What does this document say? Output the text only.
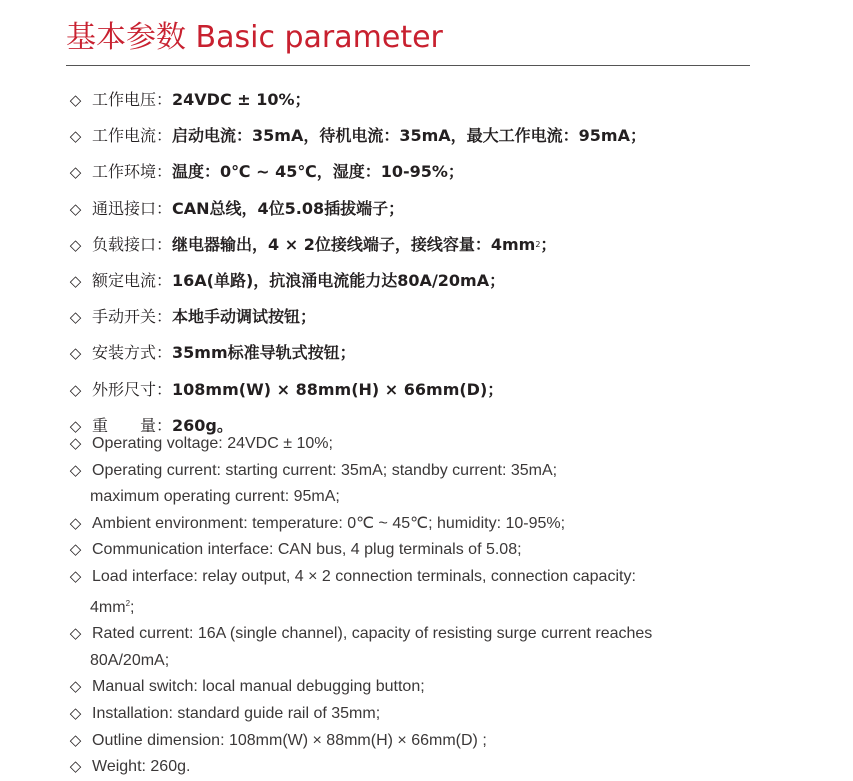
基本参数 Basic parameter
◇ 工作电压： 24VDC ± 10%；
◇ 工作电流： 启动电流：35mA，待机电流：35mA，最大工作电流：95mA；
◇ 工作环境： 温度：0℃ ~ 45℃，湿度：10-95%；
◇ 通迅接口： CAN总线，4位5.08插拔端子；
◇ 负载接口： 继电器输出，4 × 2位接线端子，接线容量：4mm 2 ；
◇ 额定电流： 16A(单路)，抗浪涌电流能力达80A/20mA；
◇ 手动开关： 本地手动调试按钮；
◇ 安装方式： 35mm标准导轨式按钮；
◇ 外形尺寸： 108mm(W) × 88mm(H) × 66mm(D)；
◇ 重　　量： 260g。
◇ Operating voltage: 24VDC ± 10%;
◇ Operating current: starting current: 35mA; standby current: 35mA;
maximum operating current: 95mA;
◇ Ambient environment: temperature: 0℃ ~ 45℃; humidity: 10-95%;
◇ Communication interface: CAN bus, 4 plug terminals of 5.08;
◇ Load interface: relay output, 4 × 2 connection terminals, connection capacity:
$4mm^2$;
◇ Rated current: 16A (single channel), capacity of resisting surge current reaches
80A/20mA;
◇ Manual switch: local manual debugging button;
◇ Installation: standard guide rail of 35mm;
◇ Outline dimension: 108mm(W) × 88mm(H) × 66mm(D) ;
◇ Weight: 260g.
